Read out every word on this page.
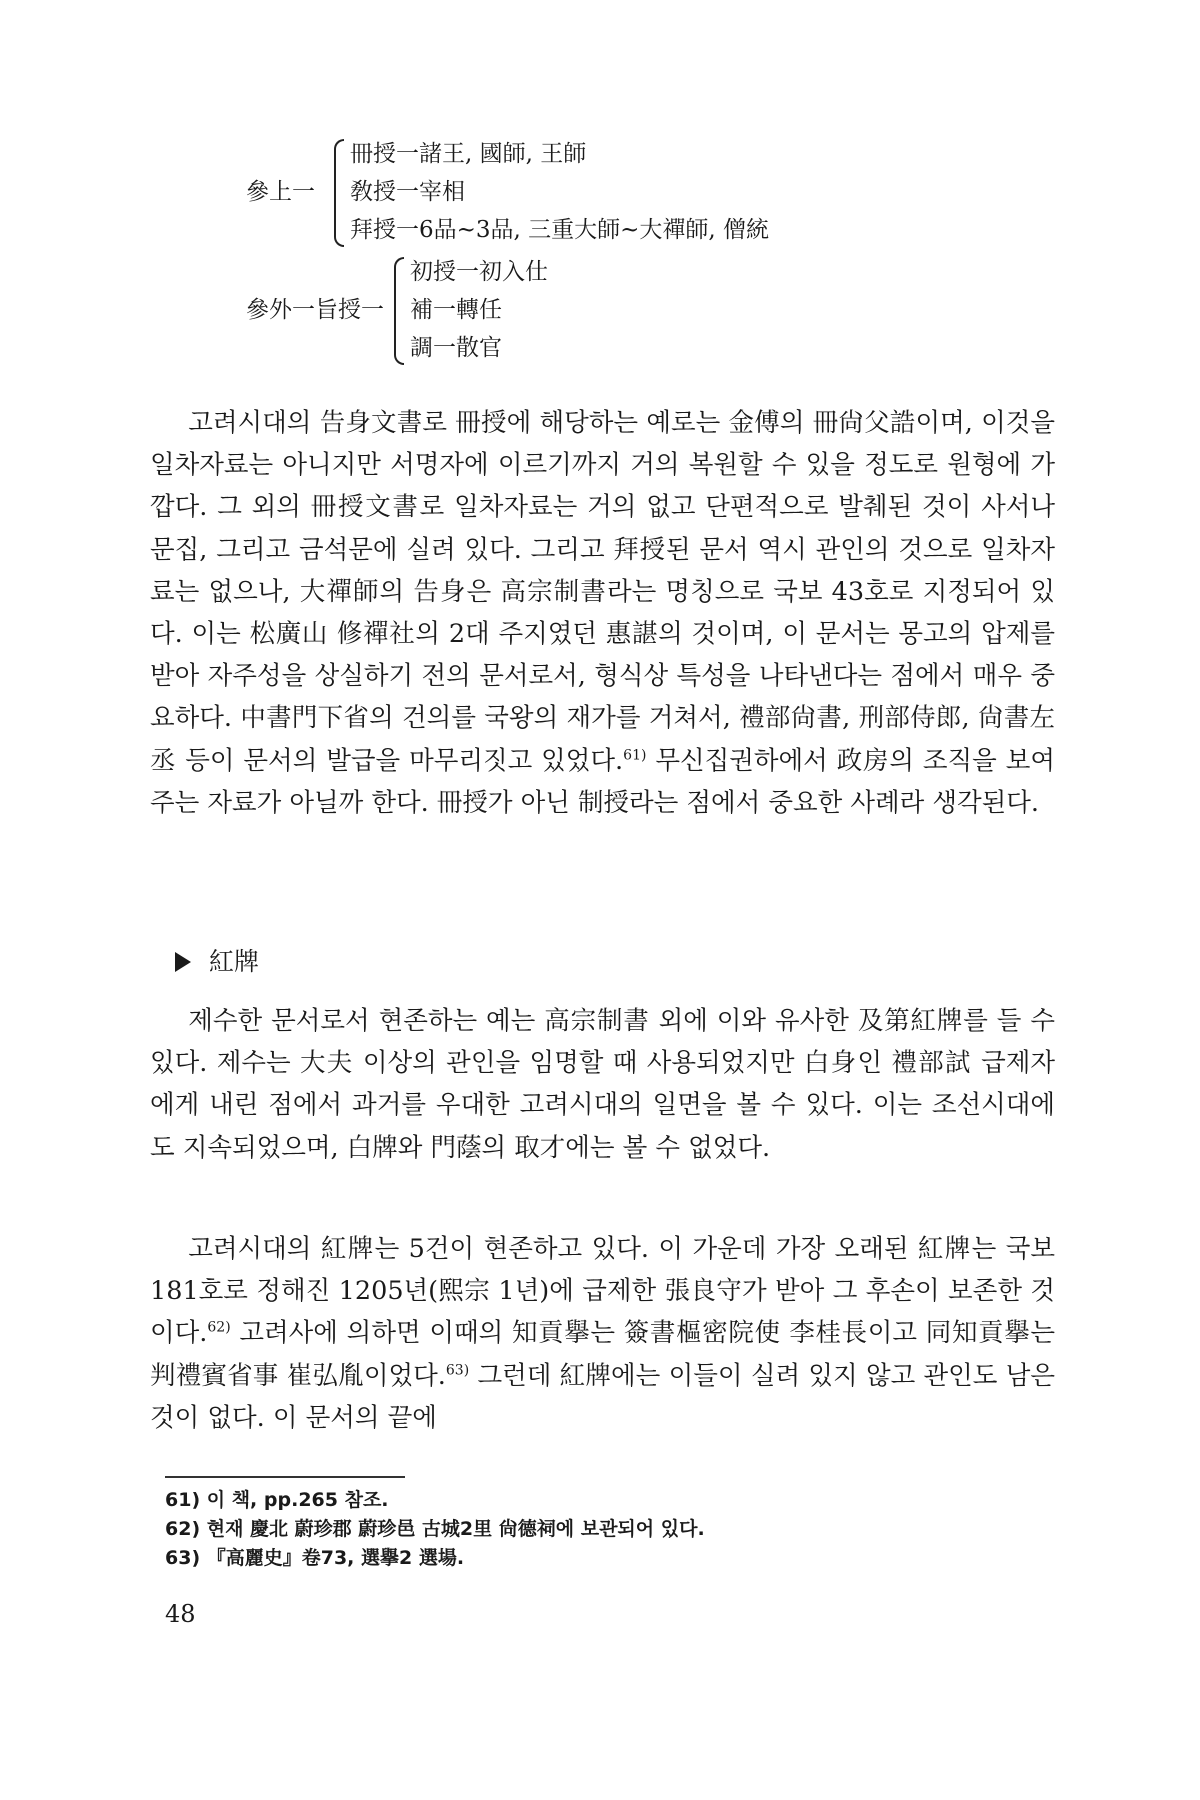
參上一
冊授一諸王, 國師, 王師
敎授一宰相
拜授一6品~3品, 三重大師~大禪師, 僧統
參外一旨授一
初授一初入仕
補一轉任
調一散官

고려시대의 告身文書로 冊授에 해당하는 예로는 金傅의 冊尙父誥이며, 이것을 일차자료는 아니지만 서명자에 이르기까지 거의 복원할 수 있을 정도로 원형에 가깝다. 그 외의 冊授文書로 일차자료는 거의 없고 단편적으로 발췌된 것이 사서나 문집, 그리고 금석문에 실려 있다. 그리고 拜授된 문서 역시 관인의 것으로 일차자료는 없으나, 大禪師의 告身은 高宗制書라는 명칭으로 국보 43호로 지정되어 있다. 이는 松廣山 修禪社의 2대 주지였던 惠諶의 것이며, 이 문서는 몽고의 압제를 받아 자주성을 상실하기 전의 문서로서, 형식상 특성을 나타낸다는 점에서 매우 중요하다. 中書門下省의 건의를 국왕의 재가를 거쳐서, 禮部尙書, 刑部侍郎, 尙書左丞 등이 문서의 발급을 마무리짓고 있었다.$^{61)}$ 무신집권하에서 政房의 조직을 보여주는 자료가 아닐까 한다. 冊授가 아닌 制授라는 점에서 중요한 사례라 생각된다.

紅牌

제수한 문서로서 현존하는 예는 高宗制書 외에 이와 유사한 及第紅牌를 들 수 있다. 제수는 大夫 이상의 관인을 임명할 때 사용되었지만 白身인 禮部試 급제자에게 내린 점에서 과거를 우대한 고려시대의 일면을 볼 수 있다. 이는 조선시대에도 지속되었으며, 白牌와 門蔭의 取才에는 볼 수 없었다.

고려시대의 紅牌는 5건이 현존하고 있다. 이 가운데 가장 오래된 紅牌는 국보 181호로 정해진 1205년(熙宗 1년)에 급제한 張良守가 받아 그 후손이 보존한 것이다.$^{62)}$ 고려사에 의하면 이때의 知貢擧는 簽書樞密院使 李桂長이고 同知貢擧는 判禮賓省事 崔弘胤이었다.$^{63)}$ 그런데 紅牌에는 이들이 실려 있지 않고 관인도 남은 것이 없다. 이 문서의 끝에

61) 이 책, pp.265 참조.
62) 현재 慶北 蔚珍郡 蔚珍邑 古城2里 尙德祠에 보관되어 있다.
63) 『高麗史』卷73, 選擧2 選場.
48
